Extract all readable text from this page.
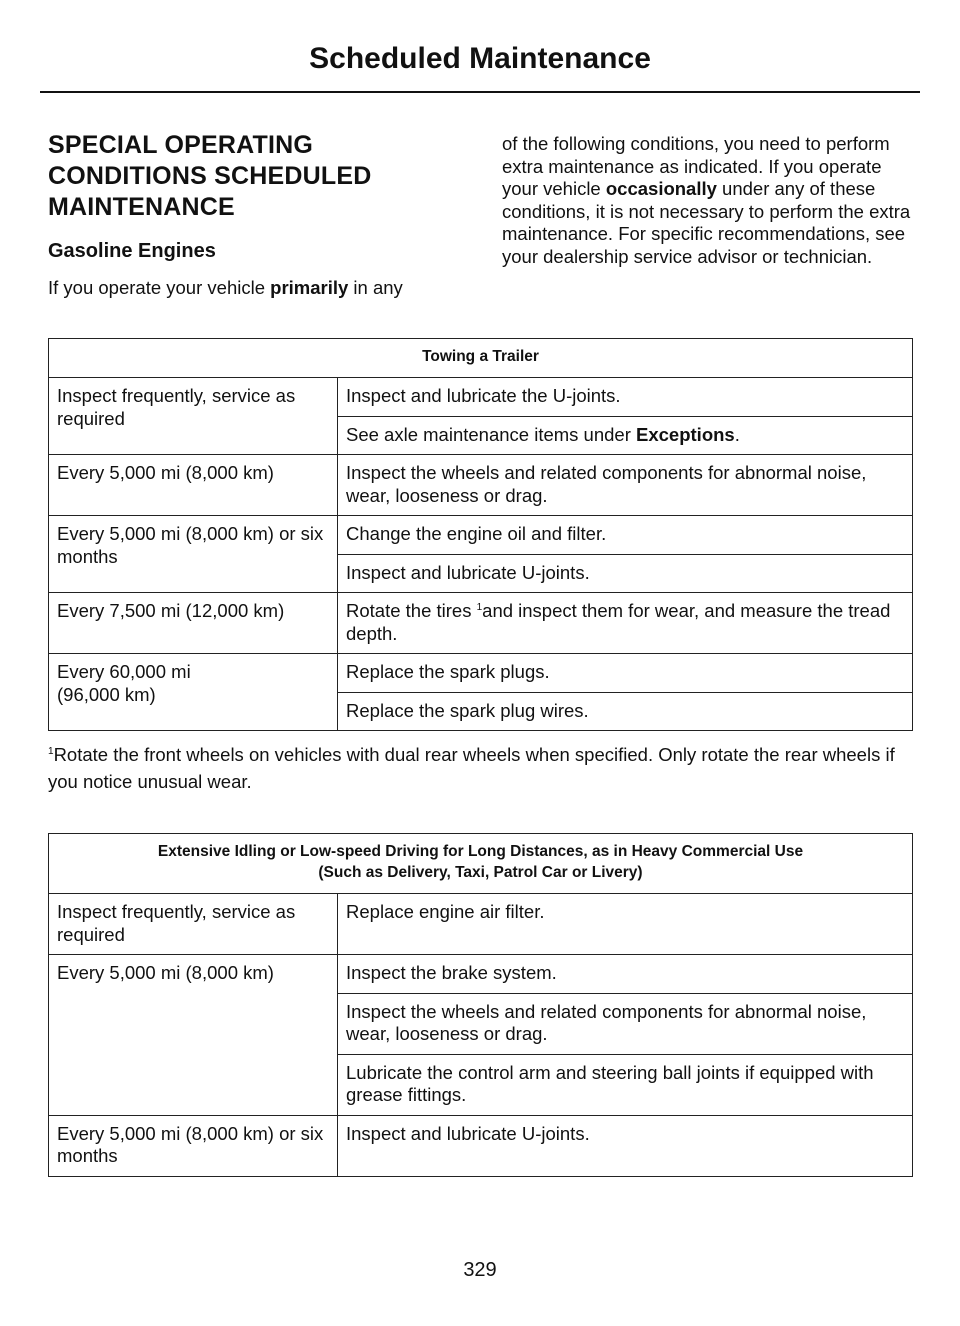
Scheduled Maintenance
SPECIAL OPERATING
CONDITIONS SCHEDULED
MAINTENANCE
Gasoline Engines

If you operate your vehicle primarily in any

of the following conditions, you need to perform extra maintenance as indicated. If you operate your vehicle occasionally under any of these conditions, it is not necessary to perform the extra maintenance. For specific recommendations, see your dealership service advisor or technician.

Towing a Trailer	
Inspect frequently, service as required	Inspect and lubricate the U-joints.
	See axle maintenance items under Exceptions.
Every 5,000 mi (8,000 km)	Inspect the wheels and related components for abnormal noise, wear, looseness or drag.
Every 5,000 mi (8,000 km) or six months	Change the engine oil and filter.
	Inspect and lubricate U-joints.
Every 7,500 mi (12,000 km)	Rotate the tires $^1$and inspect them for wear, and measure the tread depth.
Every 60,000 mi
(96,000 km)	Replace the spark plugs.
	Replace the spark plug wires.
$^1$Rotate the front wheels on vehicles with dual rear wheels when specified. Only rotate the rear wheels if you notice unusual wear.
Extensive Idling or Low-speed Driving for Long Distances, as in Heavy Commercial Use
(Such as Delivery, Taxi, Patrol Car or Livery)	
Inspect frequently, service as required	Replace engine air filter.
Every 5,000 mi (8,000 km)	Inspect the brake system.
	Inspect the wheels and related components for abnormal noise, wear, looseness or drag.
	Lubricate the control arm and steering ball joints if equipped with grease fittings.
Every 5,000 mi (8,000 km) or six months	Inspect and lubricate U-joints.
329
